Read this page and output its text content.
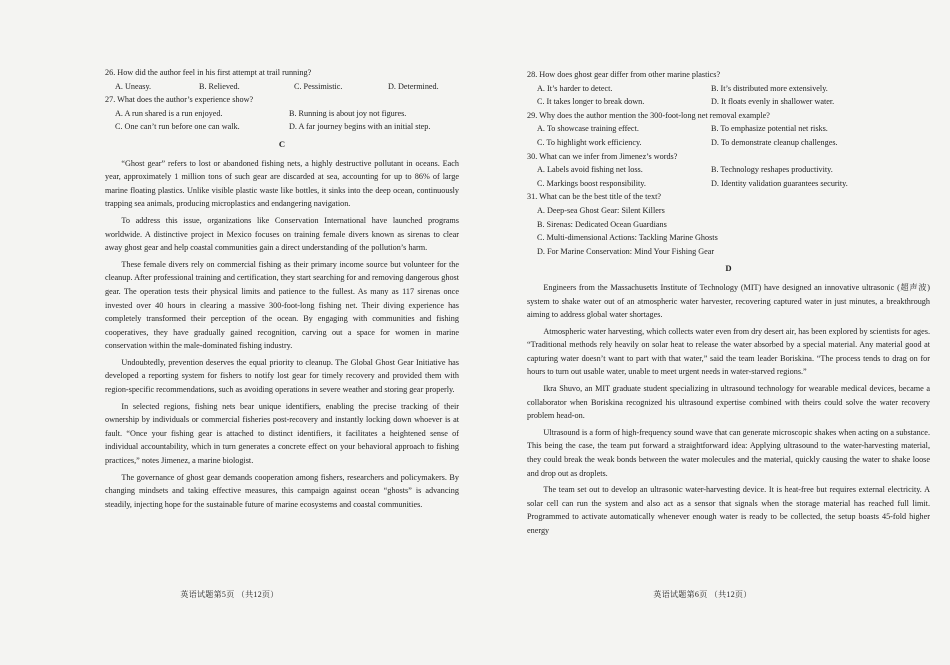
26. How did the author feel in his first attempt at trail running?

A. Uneasy.	B. Relieved.	C. Pessimistic.	D. Determined.

27. What does the author’s experience show?

A. A run shared is a run enjoyed.	B. Running is about joy not figures.
C. One can’t run before one can walk.	D. A far journey begins with an initial step.
C

“Ghost gear” refers to lost or abandoned fishing nets, a highly destructive pollutant in oceans. Each year, approximately 1 million tons of such gear are discarded at sea, accounting for up to 86% of large marine floating plastics. Unlike visible plastic waste like bottles, it sinks into the deep ocean, continuously trapping sea animals, producing microplastics and endangering navigation.

To address this issue, organizations like Conservation International have launched programs worldwide. A distinctive project in Mexico focuses on training female divers known as sirenas to clear away ghost gear and help coastal communities gain a direct understanding of the pollution’s harm.

These female divers rely on commercial fishing as their primary income source but volunteer for the cleanup. After professional training and certification, they start searching for and removing dangerous ghost gear. The operation tests their physical limits and patience to the fullest. As many as 117 sirenas once invested over 40 hours in clearing a massive 300-foot-long fishing net. Their diving experience has completely transformed their perception of the ocean. By engaging with communities and fishing cooperatives, they have gradually gained recognition, carving out a space for women in marine conservation within the male-dominated fishing industry.

Undoubtedly, prevention deserves the equal priority to cleanup. The Global Ghost Gear Initiative has developed a reporting system for fishers to notify lost gear for timely recovery and provided them with region-specific recommendations, such as avoiding operations in severe weather and storing gear properly.

In selected regions, fishing nets bear unique identifiers, enabling the precise tracking of their ownership by individuals or commercial fisheries post-recovery and instantly locking down whoever is at fault. “Once your fishing gear is attached to distinct identifiers, it facilitates a heightened sense of individual accountability, which in turn generates a concrete effect on your behavioral approach to fishing practices,” notes Jimenez, a marine biologist.

The governance of ghost gear demands cooperation among fishers, researchers and policymakers. By changing mindsets and taking effective measures, this campaign against ocean “ghosts” is advancing steadily, injecting hope for the sustainable future of marine ecosystems and coastal communities.

英语试题第5页 （共12页）

28. How does ghost gear differ from other marine plastics?

A. It’s harder to detect.	B. It’s distributed more extensively.
C. It takes longer to break down.	D. It floats evenly in shallower water.

29. Why does the author mention the 300-foot-long net removal example?

A. To showcase training effect.	B. To emphasize potential net risks.
C. To highlight work efficiency.	D. To demonstrate cleanup challenges.

30. What can we infer from Jimenez’s words?

A. Labels avoid fishing net loss.	B. Technology reshapes productivity.
C. Markings boost responsibility.	D. Identity validation guarantees security.

31. What can be the best title of the text?

A. Deep-sea Ghost Gear: Silent Killers
B. Sirenas: Dedicated Ocean Guardians
C. Multi-dimensional Actions: Tackling Marine Ghosts
D. For Marine Conservation: Mind Your Fishing Gear
D

Engineers from the Massachusetts Institute of Technology (MIT) have designed an innovative ultrasonic (超声波) system to shake water out of an atmospheric water harvester, recovering captured water in just minutes, a breakthrough aiming to address global water shortages.

Atmospheric water harvesting, which collects water even from dry desert air, has been explored by scientists for ages. “Traditional methods rely heavily on solar heat to release the water absorbed by a special material. Any material good at capturing water doesn’t want to part with that water,” said the team leader Boriskina. “The process tends to drag on for hours to turn out usable water, unable to meet urgent needs in water-starved regions.”

Ikra Shuvo, an MIT graduate student specializing in ultrasound technology for wearable medical devices, became a collaborator when Boriskina recognized his ultrasound expertise combined with theirs could solve the water recovery problem head-on.

Ultrasound is a form of high-frequency sound wave that can generate microscopic shakes when acting on a substance. This being the case, the team put forward a straightforward idea: Applying ultrasound to the water-harvesting material, they could break the weak bonds between the water molecules and the material, quickly causing the water to shake loose and drop out as droplets.

The team set out to develop an ultrasonic water-harvesting device. It is heat-free but requires external electricity. A solar cell can run the system and also act as a sensor that signals when the storage material has reached full limit. Programmed to activate automatically whenever enough water is ready to be collected, the setup boasts 45-fold higher energy

英语试题第6页 （共12页）
